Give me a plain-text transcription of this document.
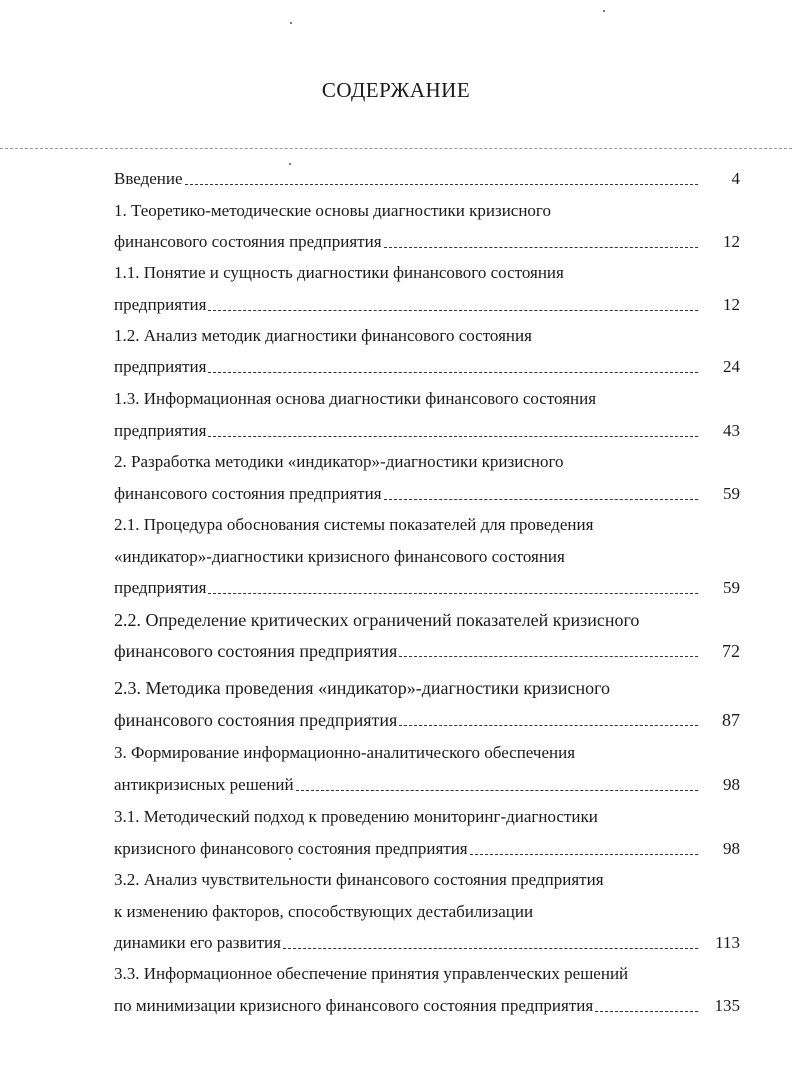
СОДЕРЖАНИЕ
Введение	4
1. Теоретико-методические основы диагностики кризисного
финансового состояния предприятия	12
1.1. Понятие и сущность диагностики финансового состояния
предприятия	12
1.2. Анализ методик диагностики финансового состояния
предприятия	24
1.3. Информационная основа диагностики финансового состояния
предприятия	43
2. Разработка методики «индикатор»-диагностики кризисного
финансового состояния предприятия	59
2.1. Процедура обоснования системы показателей для проведения
«индикатор»-диагностики кризисного финансового состояния
предприятия	59
2.2. Определение критических ограничений показателей кризисного
финансового состояния предприятия	72
2.3. Методика проведения «индикатор»-диагностики кризисного
финансового состояния предприятия	87
3. Формирование информационно-аналитического обеспечения
антикризисных решений	98
3.1. Методический подход к проведению мониторинг-диагностики
кризисного финансового состояния предприятия	98
3.2. Анализ чувствительности финансового состояния предприятия
к изменению факторов, способствующих дестабилизации
динамики его развития	113
3.3. Информационное обеспечение принятия управленческих решений
по минимизации кризисного финансового состояния предприятия	135
